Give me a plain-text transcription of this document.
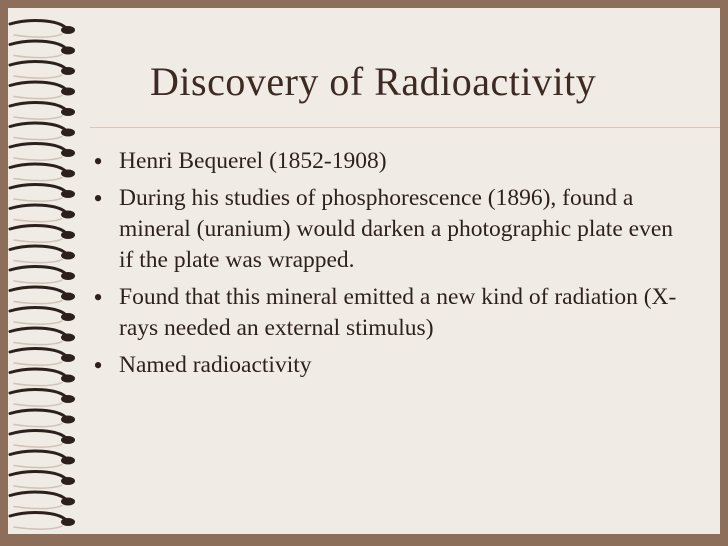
Discovery of Radioactivity
• Henri Bequerel (1852-1908)
• During his studies of phosphorescence (1896), found a mineral (uranium) would darken a photographic plate even if the plate was wrapped.
• Found that this mineral emitted a new kind of radiation (X-rays needed an external stimulus)
• Named radioactivity
